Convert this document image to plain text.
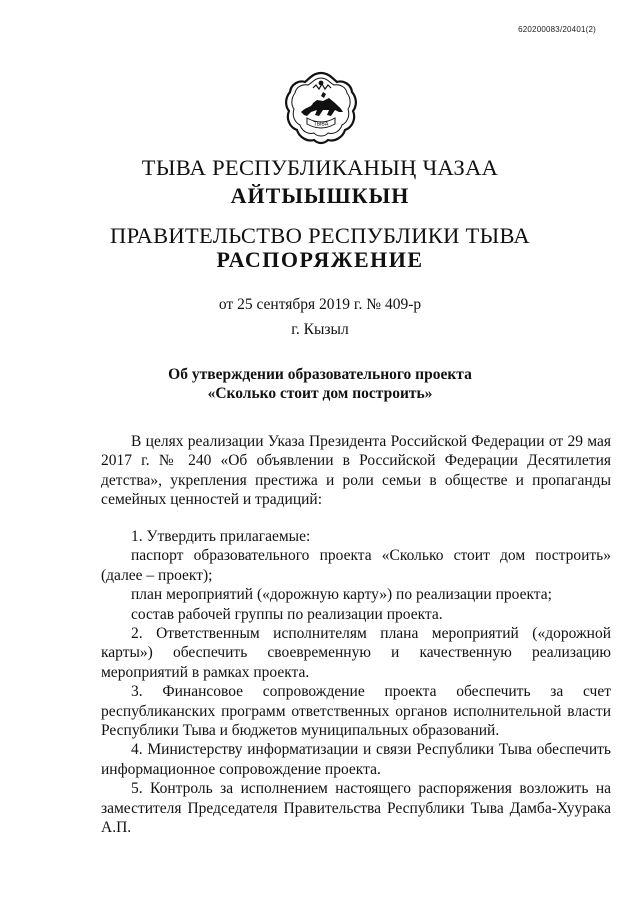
620200083/20401(2)
ТЫВА
ТЫВА РЕСПУБЛИКАНЫҢ ЧАЗАА
АЙТЫЫШКЫН
ПРАВИТЕЛЬСТВО РЕСПУБЛИКИ ТЫВА
РАСПОРЯЖЕНИЕ
от 25 сентября 2019 г. № 409-р
г. Кызыл
Об утверждении образовательного проекта
«Сколько стоит дом построить»

В целях реализации Указа Президента Российской Федерации от 29 мая 2017 г. № 240 «Об объявлении в Российской Федерации Десятилетия детства», укрепления престижа и роли семьи в обществе и пропаганды семейных ценностей и традиций:

1. Утвердить прилагаемые:

паспорт образовательного проекта «Сколько стоит дом построить» (далее – проект);

план мероприятий («дорожную карту») по реализации проекта;

состав рабочей группы по реализации проекта.

2. Ответственным исполнителям плана мероприятий («дорожной карты») обеспечить своевременную и качественную реализацию мероприятий в рамках проекта.

3. Финансовое сопровождение проекта обеспечить за счет республиканских программ ответственных органов исполнительной власти Республики Тыва и бюджетов муниципальных образований.

4. Министерству информатизации и связи Республики Тыва обеспечить информационное сопровождение проекта.

5. Контроль за исполнением настоящего распоряжения возложить на заместителя Председателя Правительства Республики Тыва Дамба-Хуурака А.П.
